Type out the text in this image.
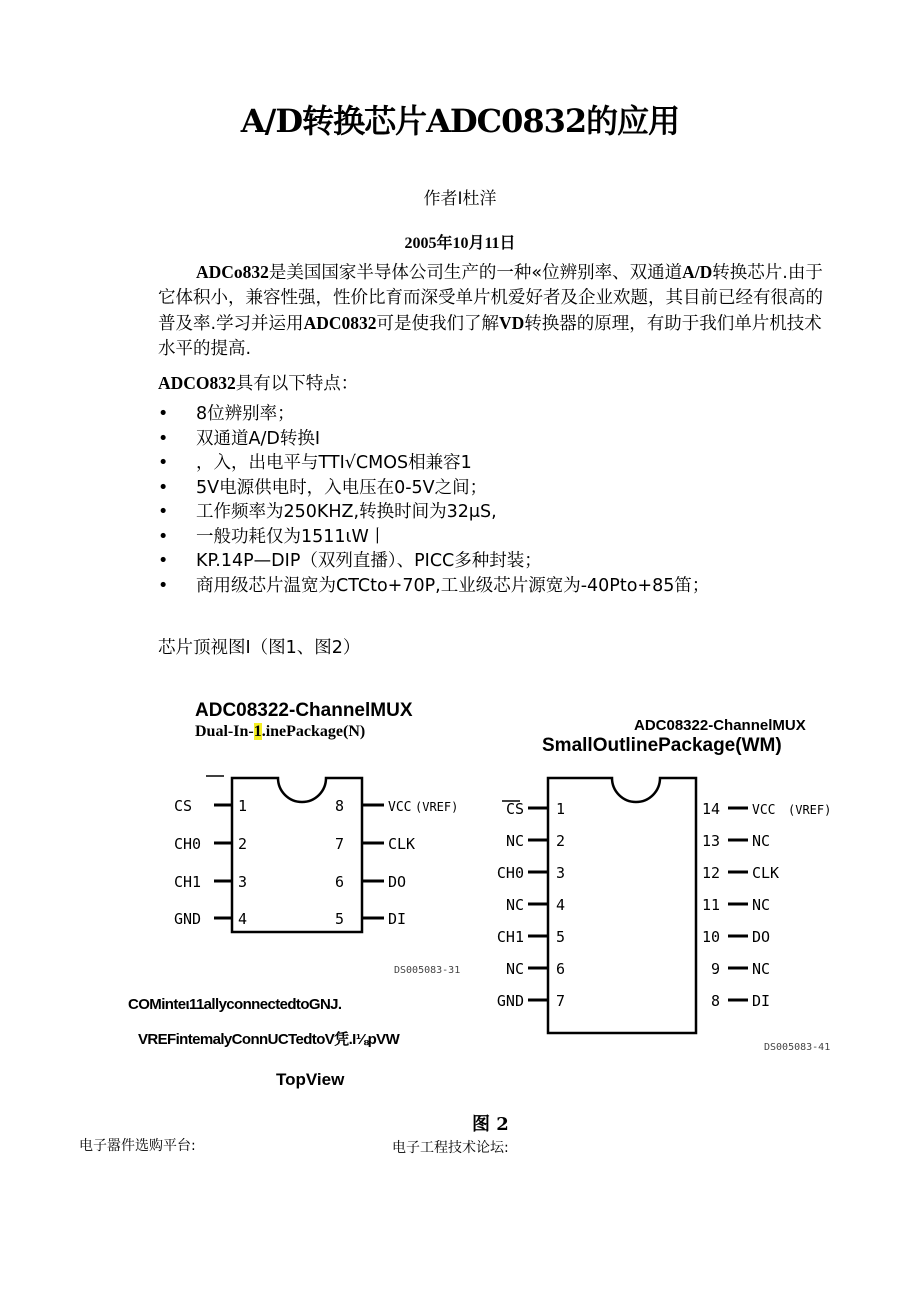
A/D转换芯片ADC0832的应用
作者I杜洋
2005年10月11日
ADCo832是美国国家半导体公司生产的一种«位辨别率、双通道A/D转换芯片.由于它体积小，兼容性强，性价比育而深受单片机爱好者及企业欢题，其目前已经有很高的普及率.学习并运用ADC0832可是使我们了解VD转换器的原理，有助于我们单片机技术水平的提高.
ADCO832具有以下特点：
• 8位辨别率；
• 双通道A/D转换I
• ，入，出电平与TTI√CMOS相兼容1
• 5V电源供电时，入电压在0-5V之间；
• 工作频率为250KHZ,转换时间为32μS,
• 一般功耗仅为1511ιW丨
• KP.14P—DIP（双列直播）、PICC多种封装；
• 商用级芯片温宽为CTCto+70P,工业级芯片源宽为-40Pto+85笛；
芯片顶视图I（图1、图2）
ADC08322-ChannelMUX
Dual-In-1.inePackage(N)	ADC08322-ChannelMUX
SmallOutlinePackage(WM)
CS	1
CH0 2
CH1 3
GND 4
8	VCC (VREF)
7	CLK
6	DO
5	DI
DS005083-31
CS 1
NC 2
CH0 3
NC 4
CH1 5
NC 6
GND 7
14 VCC (VREF)
13 NC
12 CLK
11 NC
10 DO
9 NC
8 DI
DS005083-41
COMinteι11allyconnectedtoGNJ.
VREFintemalyConnUCTedtoV凭.I⅛pVW
TopView
图 2
电子嚣件选购平台:	电子工程技术论坛:
